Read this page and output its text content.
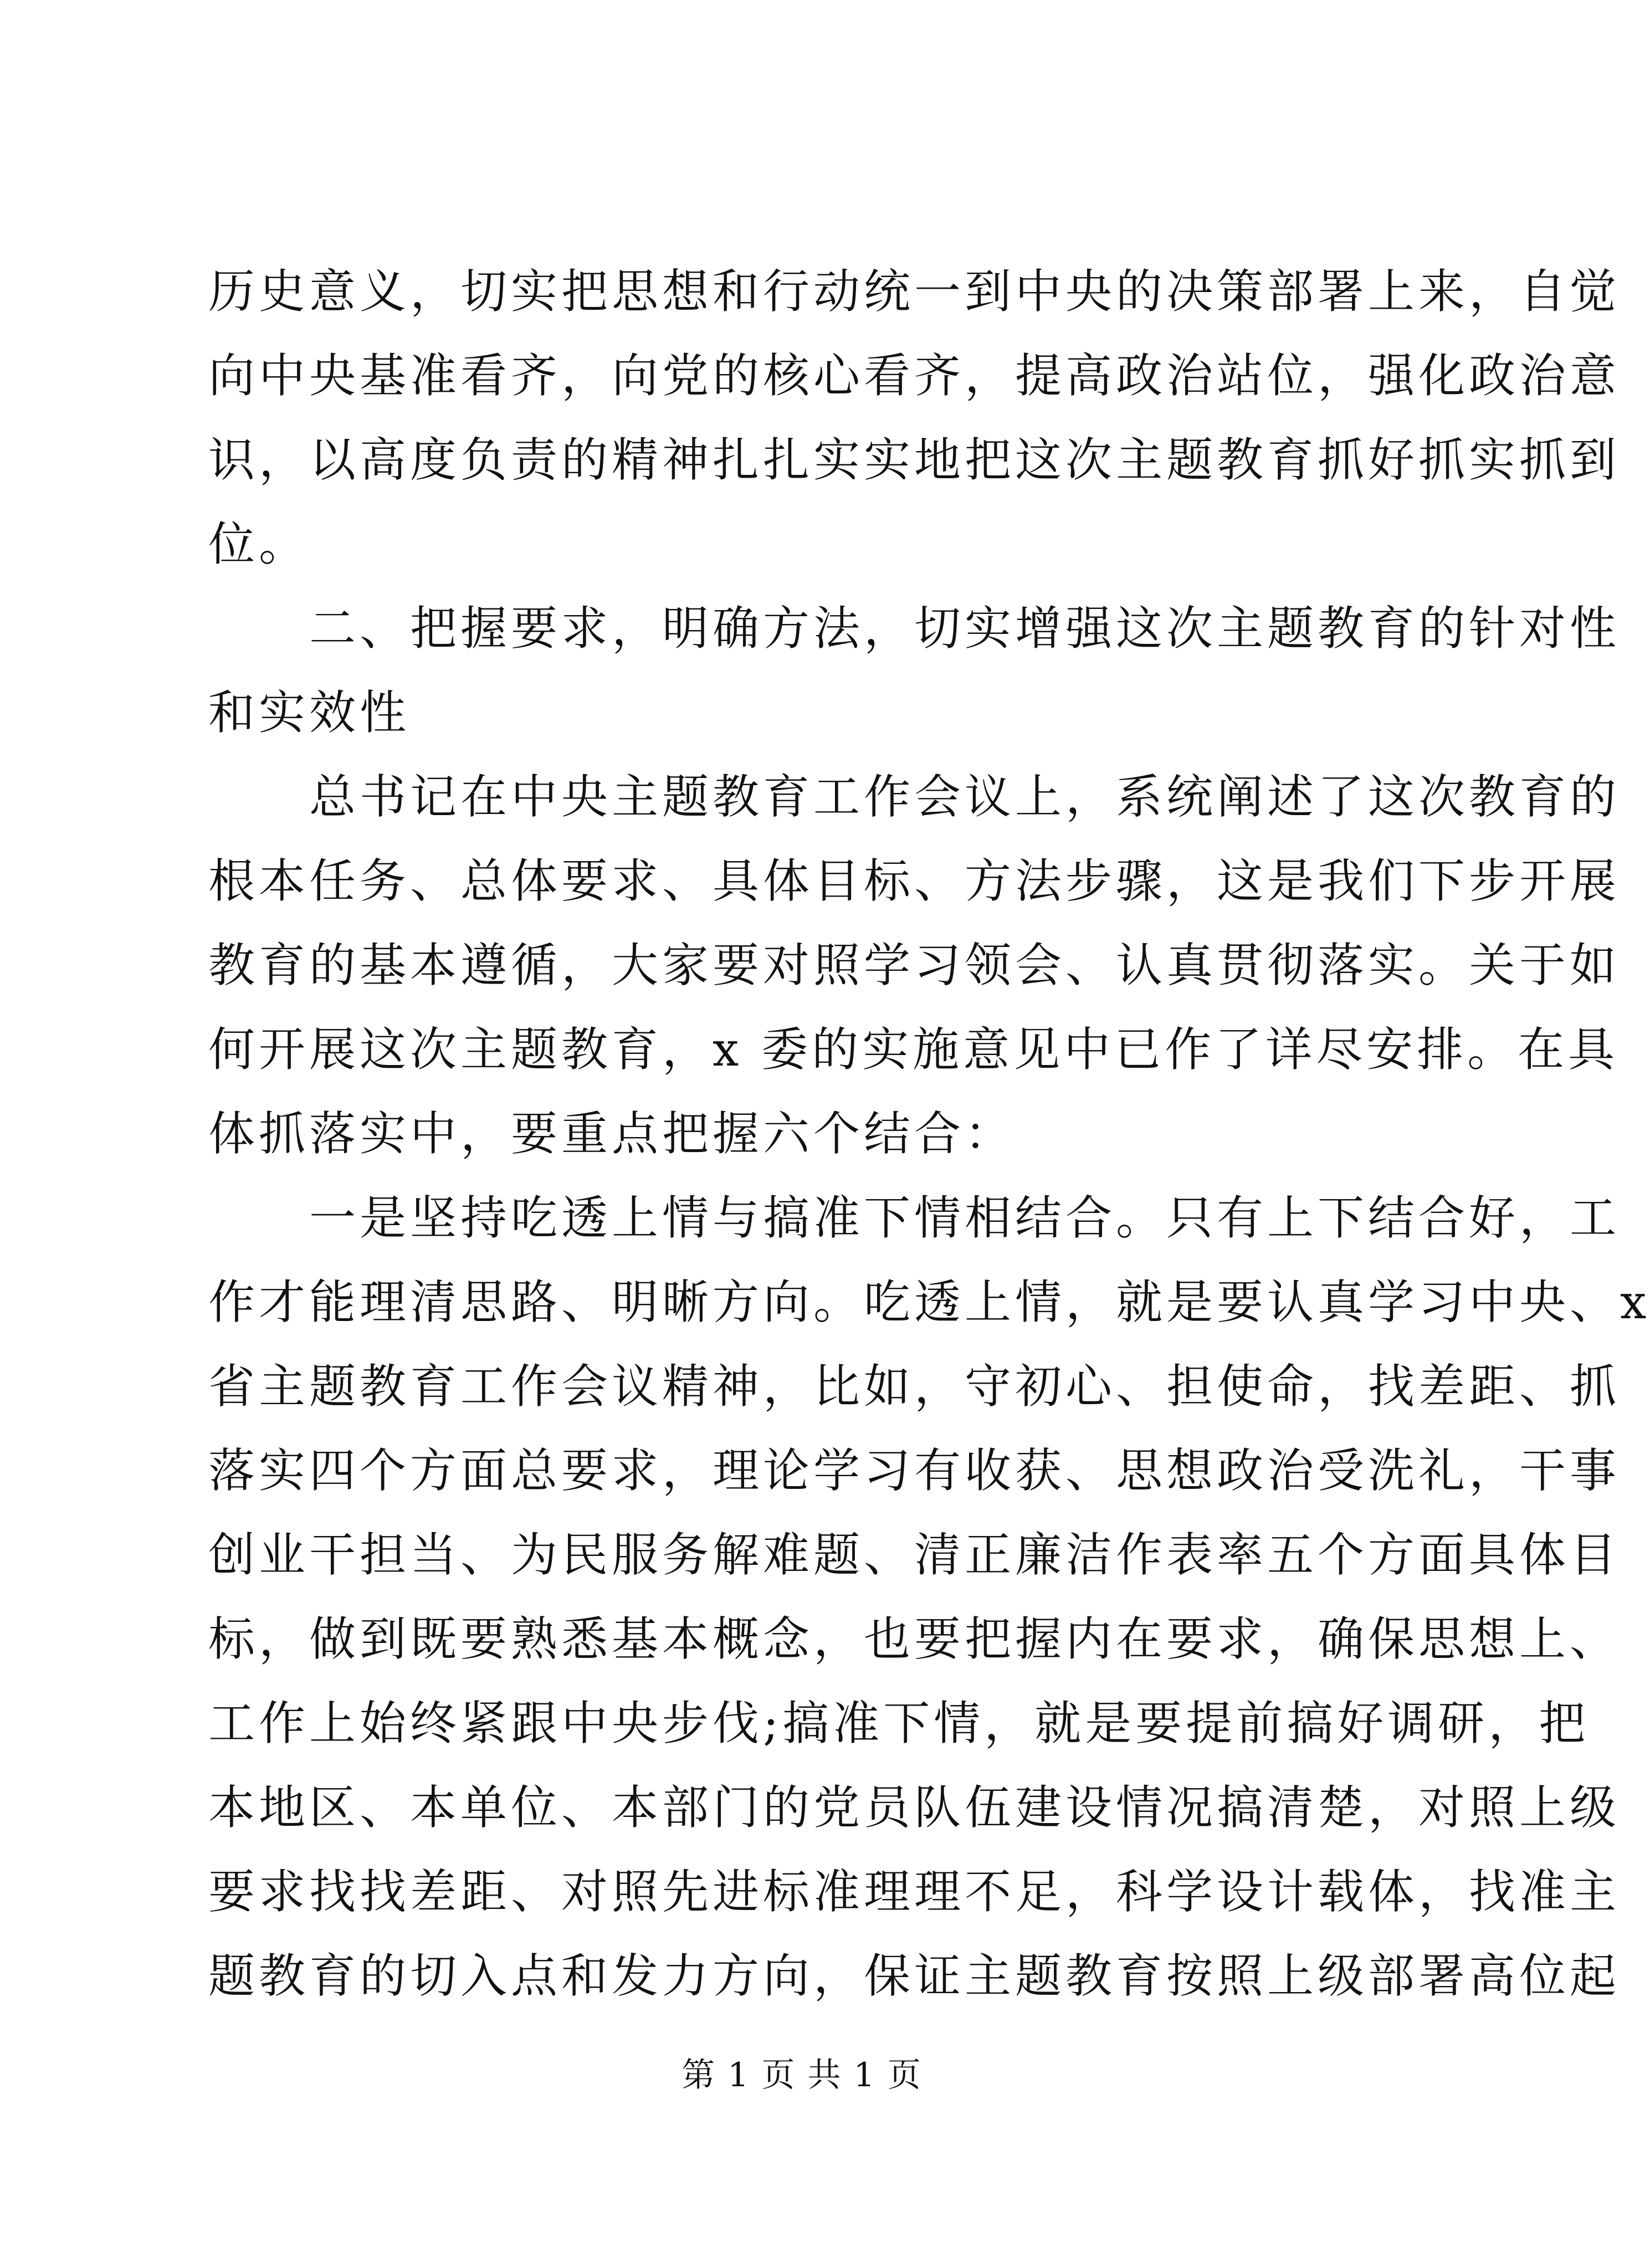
历史意义，切实把思想和行动统一到中央的决策部署上来，自觉
向中央基准看齐，向党的核心看齐，提高政治站位，强化政治意
识，以高度负责的精神扎扎实实地把这次主题教育抓好抓实抓到
位。
二、把握要求，明确方法，切实增强这次主题教育的针对性
和实效性
总书记在中央主题教育工作会议上，系统阐述了这次教育的
根本任务、总体要求、具体目标、方法步骤，这是我们下步开展
教育的基本遵循，大家要对照学习领会、认真贯彻落实。关于如
何开展这次主题教育，x 委的实施意见中已作了详尽安排。在具
体抓落实中，要重点把握六个结合：
一是坚持吃透上情与搞准下情相结合。只有上下结合好，工
作才能理清思路、明晰方向。吃透上情，就是要认真学习中央、x
省主题教育工作会议精神，比如，守初心、担使命，找差距、抓
落实四个方面总要求，理论学习有收获、思想政治受洗礼，干事
创业干担当、为民服务解难题、清正廉洁作表率五个方面具体目
标，做到既要熟悉基本概念，也要把握内在要求，确保思想上、
工作上始终紧跟中央步伐;搞准下情，就是要提前搞好调研，把
本地区、本单位、本部门的党员队伍建设情况搞清楚，对照上级
要求找找差距、对照先进标准理理不足，科学设计载体，找准主
题教育的切入点和发力方向，保证主题教育按照上级部署高位起
第 1 页 共 1 页
